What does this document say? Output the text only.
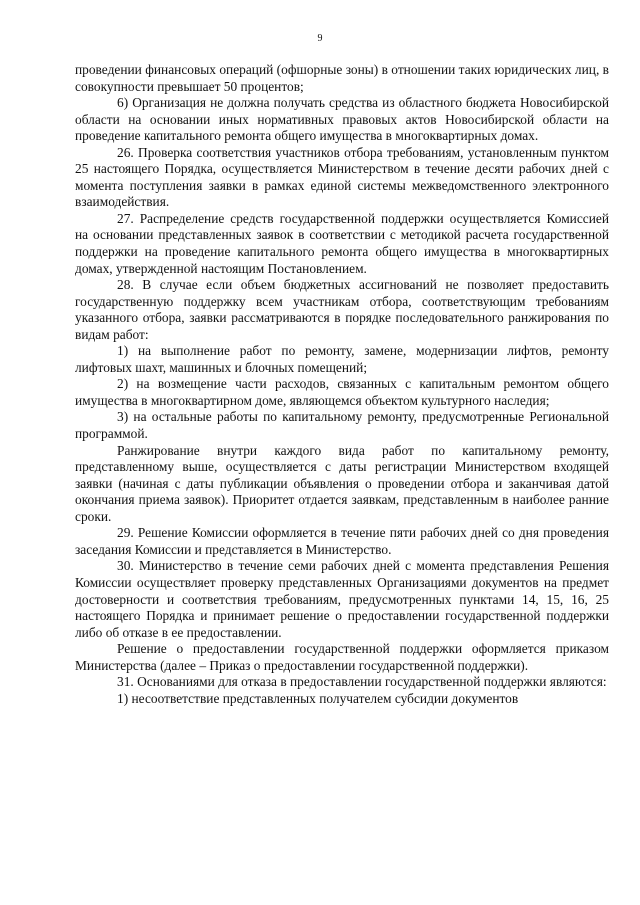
9

проведении финансовых операций (офшорные зоны) в отношении таких юридических лиц, в совокупности превышает 50 процентов;

6) Организация не должна получать средства из областного бюджета Новосибирской области на основании иных нормативных правовых актов Новосибирской области на проведение капитального ремонта общего имущества в многоквартирных домах.

26. Проверка соответствия участников отбора требованиям, установленным пунктом 25 настоящего Порядка, осуществляется Министерством в течение десяти рабочих дней с момента поступления заявки в рамках единой системы межведомственного электронного взаимодействия.

27. Распределение средств государственной поддержки осуществляется Комиссией на основании представленных заявок в соответствии с методикой расчета государственной поддержки на проведение капитального ремонта общего имущества в многоквартирных домах, утвержденной настоящим Постановлением.

28. В случае если объем бюджетных ассигнований не позволяет предоставить государственную поддержку всем участникам отбора, соответствующим требованиям указанного отбора, заявки рассматриваются в порядке последовательного ранжирования по видам работ:

1) на выполнение работ по ремонту, замене, модернизации лифтов, ремонту лифтовых шахт, машинных и блочных помещений;

2) на возмещение части расходов, связанных с капитальным ремонтом общего имущества в многоквартирном доме, являющемся объектом культурного наследия;

3) на остальные работы по капитальному ремонту, предусмотренные Региональной программой.

Ранжирование внутри каждого вида работ по капитальному ремонту, представленному выше, осуществляется с даты регистрации Министерством входящей заявки (начиная с даты публикации объявления о проведении отбора и заканчивая датой окончания приема заявок). Приоритет отдается заявкам, представленным в наиболее ранние сроки.

29. Решение Комиссии оформляется в течение пяти рабочих дней со дня проведения заседания Комиссии и представляется в Министерство.

30. Министерство в течение семи рабочих дней с момента представления Решения Комиссии осуществляет проверку представленных Организациями документов на предмет достоверности и соответствия требованиям, предусмотренных пунктами 14, 15, 16, 25 настоящего Порядка и принимает решение о предоставлении государственной поддержки либо об отказе в ее предоставлении.

Решение о предоставлении государственной поддержки оформляется приказом Министерства (далее – Приказ о предоставлении государственной поддержки).

31. Основаниями для отказа в предоставлении государственной поддержки являются:

1) несоответствие представленных получателем субсидии документов
